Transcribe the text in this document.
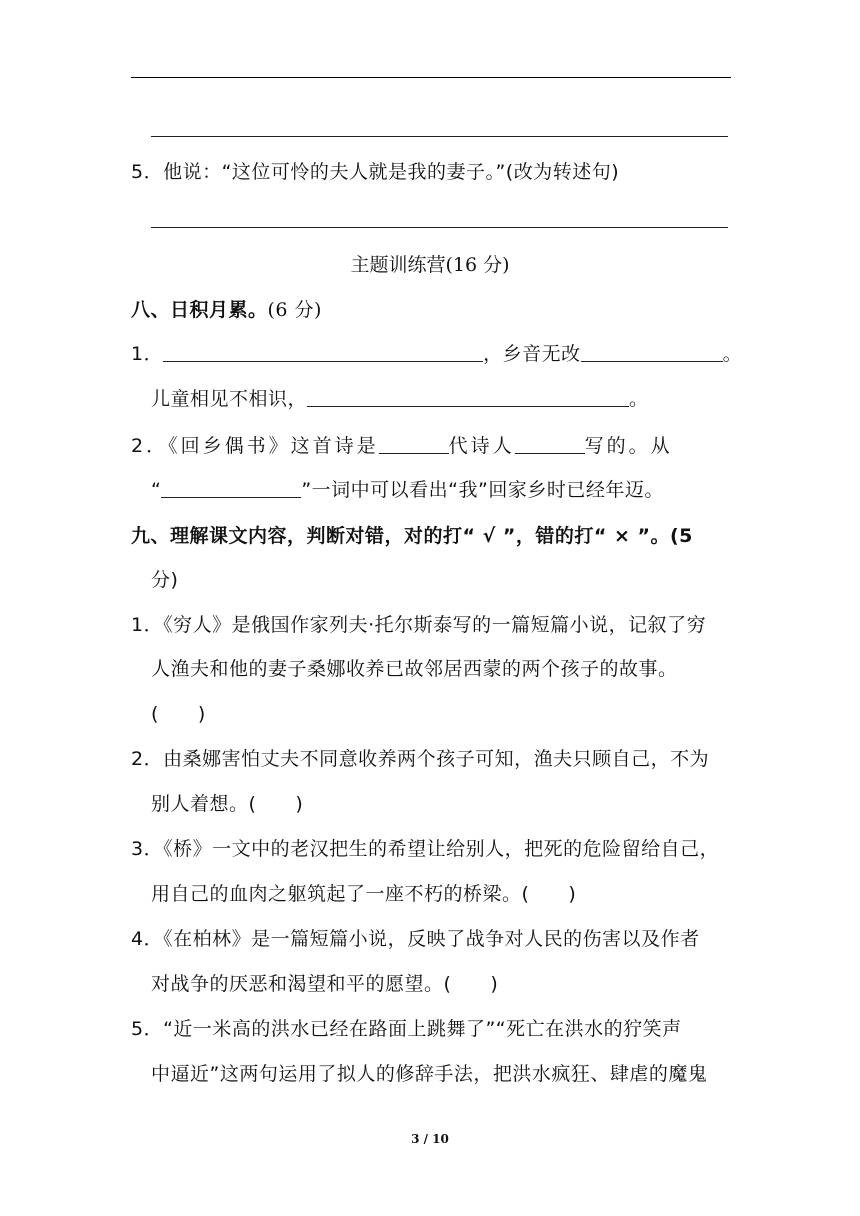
5．他说：“这位可怜的夫人就是我的妻子。”(改为转述句)
主题训练营(16 分)
八、日积月累。(6 分)
1．	，乡音无改	。
儿童相见不相识，	。
2．《回乡偶书》这首诗是	代诗人	写的。从
“	”一词中可以看出“我”回家乡时已经年迈。
九、理解课文内容，判断对错，对的打“ √ ”，错的打“ × ”。(5
分)
1．《穷人》是俄国作家列夫·托尔斯泰写的一篇短篇小说，记叙了穷
人渔夫和他的妻子桑娜收养已故邻居西蒙的两个孩子的故事。
(　　)
2．由桑娜害怕丈夫不同意收养两个孩子可知，渔夫只顾自己，不为
别人着想。(　　)
3．《桥》一文中的老汉把生的希望让给别人，把死的危险留给自己，
用自己的血肉之躯筑起了一座不朽的桥梁。(　　)
4．《在柏林》是一篇短篇小说，反映了战争对人民的伤害以及作者
对战争的厌恶和渴望和平的愿望。(　　)
5．“近一米高的洪水已经在路面上跳舞了”“死亡在洪水的狞笑声
中逼近”这两句运用了拟人的修辞手法，把洪水疯狂、肆虐的魔鬼
3 / 10
